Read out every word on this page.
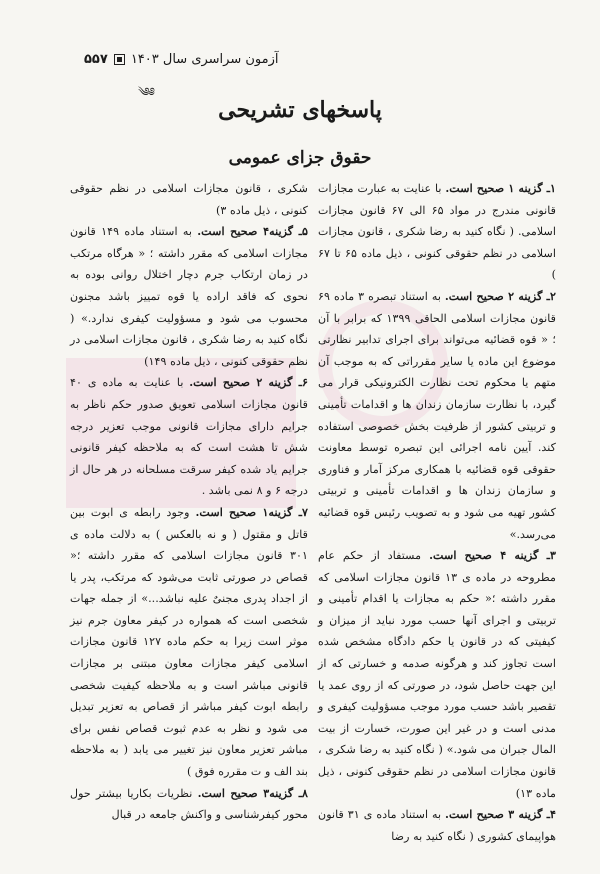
آزمون سراسری سال ۱۴۰۳
۵۵۷
༄༅
پاسخهای تشریحی
حقوق جزای عمومی

۱ـ گزینه ۱ صحیح است. با عنایت به عبارت مجازات قانونی مندرج در مواد ۶۵ الی ۶۷ قانون مجازات اسلامی. ( نگاه کنید به رضا شکری ، قانون مجازات اسلامی در نظم حقوقی کنونی ، ذیل ماده ۶۵ تا ۶۷ )

۲ـ گزینه ۲ صحیح است. به استناد تبصره ۳ ماده ۶۹ قانون مجازات اسلامی الحاقی ۱۳۹۹ که برابر با آن ؛ « قوه قضائیه می‌تواند برای اجرای تدابیر نظارتی موضوع این ماده یا سایر مقرراتی که به موجب آن متهم یا محکوم تحت نظارت الکترونیکی قرار می گیرد، با نظارت سازمان زندان ها و اقدامات تأمینی و تربیتی کشور از ظرفیت بخش خصوصی استفاده کند. آیین نامه اجرائی این تبصره توسط معاونت حقوقی قوه قضائیه با همکاری مرکز آمار و فناوری و سازمان زندان ها و اقدامات تأمینی و تربیتی کشور تهیه می شود و به تصویب رئیس قوه قضائیه می‌رسد.»

۳ـ گزینه ۴ صحیح است. مستفاد از حکم عام مطروحه در ماده ی ۱۳ قانون مجازات اسلامی که مقرر داشته ؛« حکم به مجازات یا اقدام تأمینی و تربیتی و اجرای آنها حسب مورد نباید از میزان و کیفیتی که در قانون یا حکم دادگاه مشخص شده است تجاوز کند و هرگونه صدمه و خسارتی که از این جهت حاصل شود، در صورتی که از روی عمد یا تقصیر باشد حسب مورد موجب مسؤولیت کیفری و مدنی است و در غیر این صورت، خسارت از بیت المال جبران می شود.» ( نگاه کنید به رضا شکری ، قانون مجازات اسلامی در نظم حقوقی کنونی ، ذیل ماده ۱۳)

۴ـ گزینه ۳ صحیح است. به استناد ماده ی ۳۱ قانون هواپیمای کشوری ( نگاه کنید به رضا

شکری ، قانون مجازات اسلامی در نظم حقوقی کنونی ، ذیل ماده ۳)

۵ـ گزینه۴ صحیح است. به استناد ماده ۱۴۹ قانون مجازات اسلامی که مقرر داشته ؛ « هرگاه مرتکب در زمان ارتکاب جرم دچار اختلال روانی بوده به نحوی که فاقد اراده یا قوه تمییز باشد مجنون محسوب می شود و مسؤولیت کیفری ندارد.» ( نگاه کنید به رضا شکری ، قانون مجازات اسلامی در نظم حقوقی کنونی ، ذیل ماده ۱۴۹)

۶ـ گزینه ۲ صحیح است. با عنایت به ماده ی ۴۰ قانون مجازات اسلامی تعویق صدور حکم ناظر به جرایم دارای مجازات قانونی موجب تعزیر درجه شش تا هشت است که به ملاحظه کیفر قانونی جرایم یاد شده کیفر سرقت مسلحانه در هر حال از درجه ۶ و ۸ نمی باشد .

۷ـ گزینه۱ صحیح است. وجود رابطه ی ابوت بین قاتل و مقتول ( و نه بالعکس ) به دلالت ماده ی ۳۰۱ قانون مجازات اسلامی که مقرر داشته ؛« قصاص در صورتی ثابت می‌شود که مرتکب، پدر یا از اجداد پدری مجنیٌ علیه نباشد...» از جمله جهات شخصی است که همواره در کیفر معاون جرم نیز موثر است زیرا به حکم ماده ۱۲۷ قانون مجازات اسلامی کیفر مجازات معاون مبتنی بر مجازات قانونی مباشر است و به ملاحظه کیفیت شخصی رابطه ابوت کیفر مباشر از قصاص به تعزیر تبدیل می شود و نظر به عدم ثبوت قصاص نفس برای مباشر تعزیر معاون نیز تغییر می یابد ( به ملاحظه بند الف و ت مقرره فوق )

۸ـ گزینه۳ صحیح است. نظریات بکاریا بیشتر حول محور کیفرشناسی و واکنش جامعه در قبال
